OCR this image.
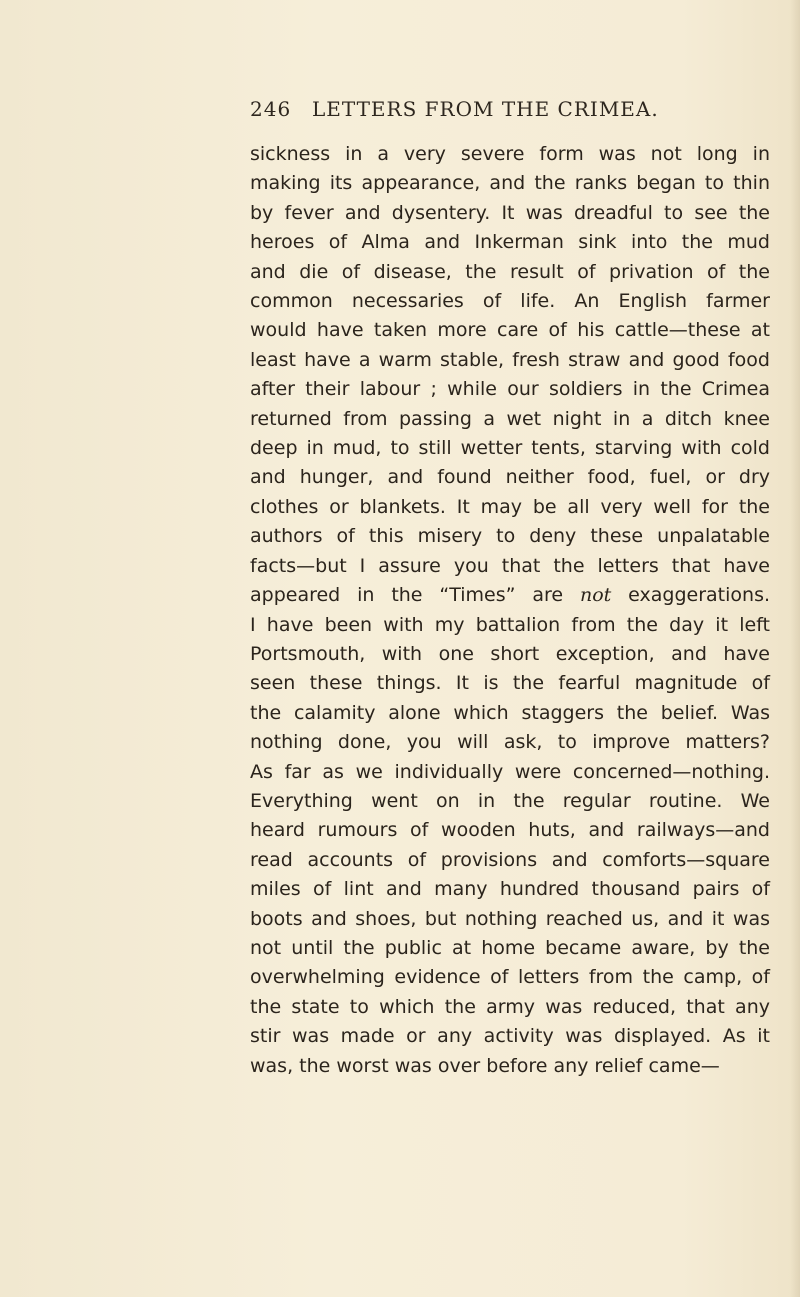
246 LETTERS FROM THE CRIMEA.
sickness in a very severe form was not long in
making its appearance, and the ranks began to thin
by fever and dysentery. It was dreadful to see the
heroes of Alma and Inkerman sink into the mud
and die of disease, the result of privation of the
common necessaries of life. An English farmer
would have taken more care of his cattle—these at
least have a warm stable, fresh straw and good food
after their labour ; while our soldiers in the Crimea
returned from passing a wet night in a ditch knee
deep in mud, to still wetter tents, starving with cold
and hunger, and found neither food, fuel, or dry
clothes or blankets. It may be all very well for the
authors of this misery to deny these unpalatable
facts—but I assure you that the letters that have
appeared in the “Times” are not exaggerations.
I have been with my battalion from the day it left
Portsmouth, with one short exception, and have
seen these things. It is the fearful magnitude of
the calamity alone which staggers the belief. Was
nothing done, you will ask, to improve matters?
As far as we individually were concerned—nothing.
Everything went on in the regular routine. We
heard rumours of wooden huts, and railways—and
read accounts of provisions and comforts—square
miles of lint and many hundred thousand pairs of
boots and shoes, but nothing reached us, and it was
not until the public at home became aware, by the
overwhelming evidence of letters from the camp, of
the state to which the army was reduced, that any
stir was made or any activity was displayed. As it
was, the worst was over before any relief came—
